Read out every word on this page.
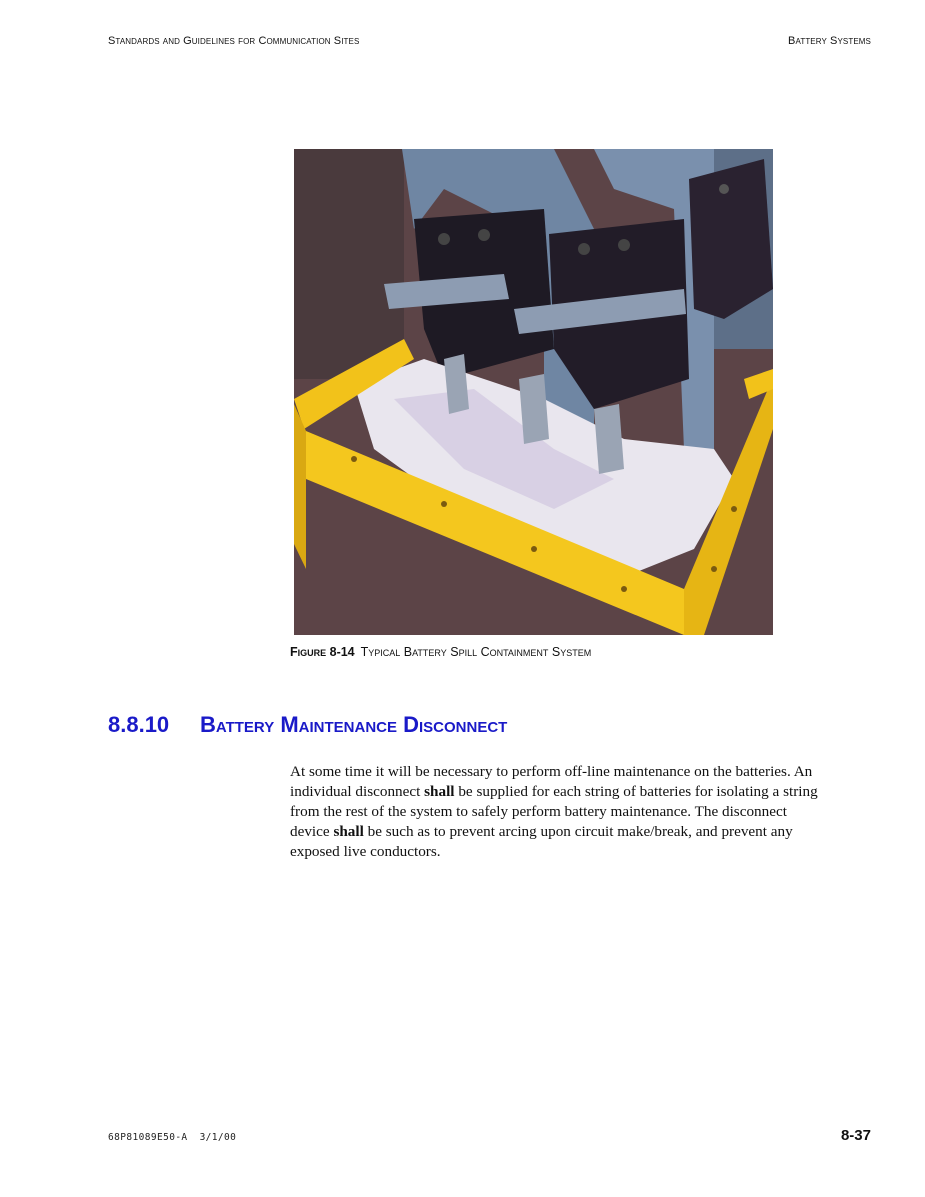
Standards and Guidelines for Communication Sites	Battery Systems
Figure 8-14 Typical Battery Spill Containment System
8.8.10 Battery Maintenance Disconnect
At some time it will be necessary to perform off-line maintenance on the batteries. An
individual disconnect shall be supplied for each string of batteries for isolating a string
from the rest of the system to safely perform battery maintenance. The disconnect
device shall be such as to prevent arcing upon circuit make/break, and prevent any
exposed live conductors.
68P81089E50-A 3/1/00	8-37
